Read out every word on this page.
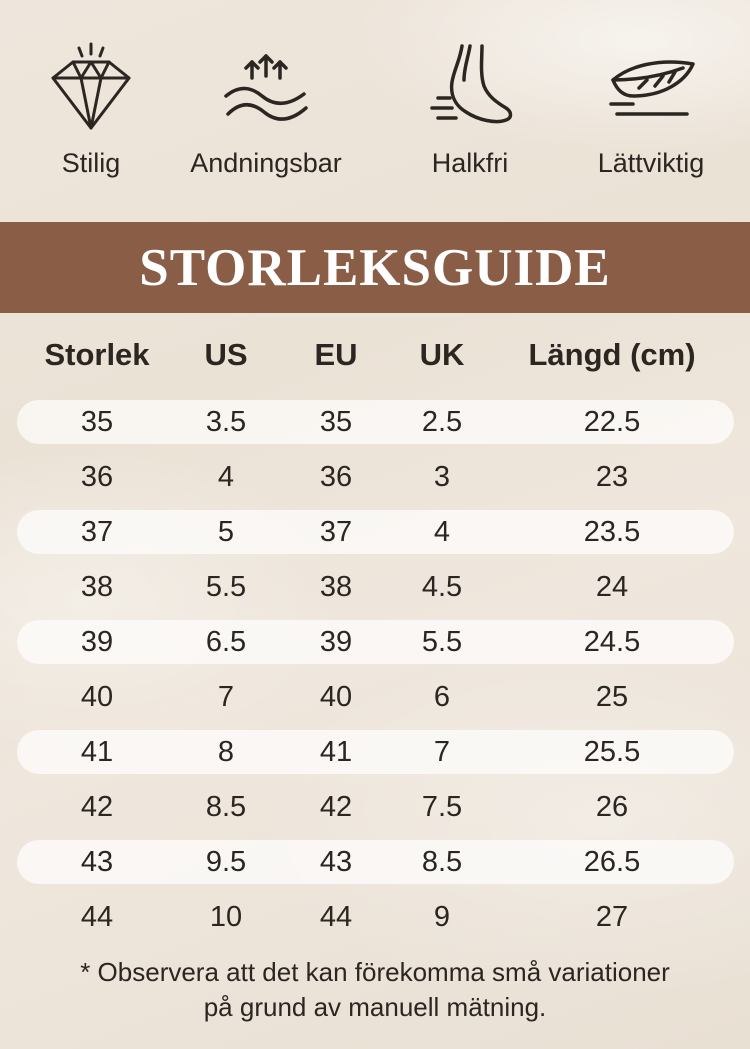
Stilig	Andningsbar	Halkfri	Lättviktig
STORLEKSGUIDE
Storlek	US	EU	UK	Längd (cm)
35	3.5	35	2.5	22.5
36	4	36	3	23
37	5	37	4	23.5
38	5.5	38	4.5	24
39	6.5	39	5.5	24.5
40	7	40	6	25
41	8	41	7	25.5
42	8.5	42	7.5	26
43	9.5	43	8.5	26.5
44	10	44	9	27
* Observera att det kan förekomma små variationer
på grund av manuell mätning.
